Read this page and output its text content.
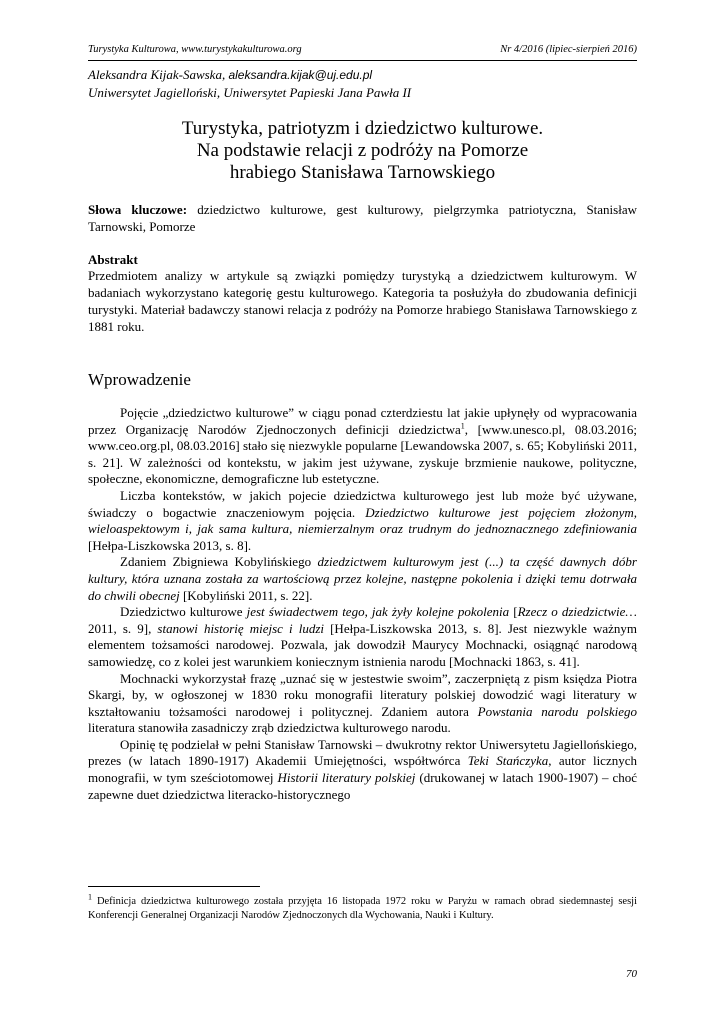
Turystyka Kulturowa, www.turystykakulturowa.org	Nr 4/2016 (lipiec-sierpień 2016)
Aleksandra Kijak-Sawska, aleksandra.kijak@uj.edu.pl
Uniwersytet Jagielloński, Uniwersytet Papieski Jana Pawła II
Turystyka, patriotyzm i dziedzictwo kulturowe.
Na podstawie relacji z podróży na Pomorze
hrabiego Stanisława Tarnowskiego
Słowa kluczowe: dziedzictwo kulturowe, gest kulturowy, pielgrzymka patriotyczna, Stanisław Tarnowski, Pomorze
Abstrakt
Przedmiotem analizy w artykule są związki pomiędzy turystyką a dziedzictwem kulturowym. W badaniach wykorzystano kategorię gestu kulturowego. Kategoria ta posłużyła do zbudowania definicji turystyki. Materiał badawczy stanowi relacja z podróży na Pomorze hrabiego Stanisława Tarnowskiego z 1881 roku.
Wprowadzenie

Pojęcie „dziedzictwo kulturowe” w ciągu ponad czterdziestu lat jakie upłynęły od wypracowania przez Organizację Narodów Zjednoczonych definicji dziedzictwa$^1$, [www.unesco.pl, 08.03.2016; www.ceo.org.pl, 08.03.2016] stało się niezwykle popularne [Lewandowska 2007, s. 65; Kobyliński 2011, s. 21]. W zależności od kontekstu, w jakim jest używane, zyskuje brzmienie naukowe, polityczne, społeczne, ekonomiczne, demograficzne lub estetyczne.

Liczba kontekstów, w jakich pojecie dziedzictwa kulturowego jest lub może być używane, świadczy o bogactwie znaczeniowym pojęcia. Dziedzictwo kulturowe jest pojęciem złożonym, wieloaspektowym i, jak sama kultura, niemierzalnym oraz trudnym do jednoznacznego zdefiniowania [Hełpa-Liszkowska 2013, s. 8].

Zdaniem Zbigniewa Kobylińskiego dziedzictwem kulturowym jest (...) ta część dawnych dóbr kultury, która uznana została za wartościową przez kolejne, następne pokolenia i dzięki temu dotrwała do chwili obecnej [Kobyliński 2011, s. 22].

Dziedzictwo kulturowe jest świadectwem tego, jak żyły kolejne pokolenia [Rzecz o dziedzictwie… 2011, s. 9], stanowi historię miejsc i ludzi [Hełpa-Liszkowska 2013, s. 8]. Jest niezwykle ważnym elementem tożsamości narodowej. Pozwala, jak dowodził Maurycy Mochnacki, osiągnąć narodową samowiedzę, co z kolei jest warunkiem koniecznym istnienia narodu [Mochnacki 1863, s. 41].

Mochnacki wykorzystał frazę „uznać się w jestestwie swoim”, zaczerpniętą z pism księdza Piotra Skargi, by, w ogłoszonej w 1830 roku monografii literatury polskiej dowodzić wagi literatury w kształtowaniu tożsamości narodowej i politycznej. Zdaniem autora Powstania narodu polskiego literatura stanowiła zasadniczy zrąb dziedzictwa kulturowego narodu.

Opinię tę podzielał w pełni Stanisław Tarnowski – dwukrotny rektor Uniwersytetu Jagiellońskiego, prezes (w latach 1890-1917) Akademii Umiejętności, współtwórca Teki Stańczyka, autor licznych monografii, w tym sześciotomowej Historii literatury polskiej (drukowanej w latach 1900-1907) – choć zapewne duet dziedzictwa literacko-historycznego

$^1$ Definicja dziedzictwa kulturowego została przyjęta 16 listopada 1972 roku w Paryżu w ramach obrad siedemnastej sesji Konferencji Generalnej Organizacji Narodów Zjednoczonych dla Wychowania, Nauki i Kultury.
70
